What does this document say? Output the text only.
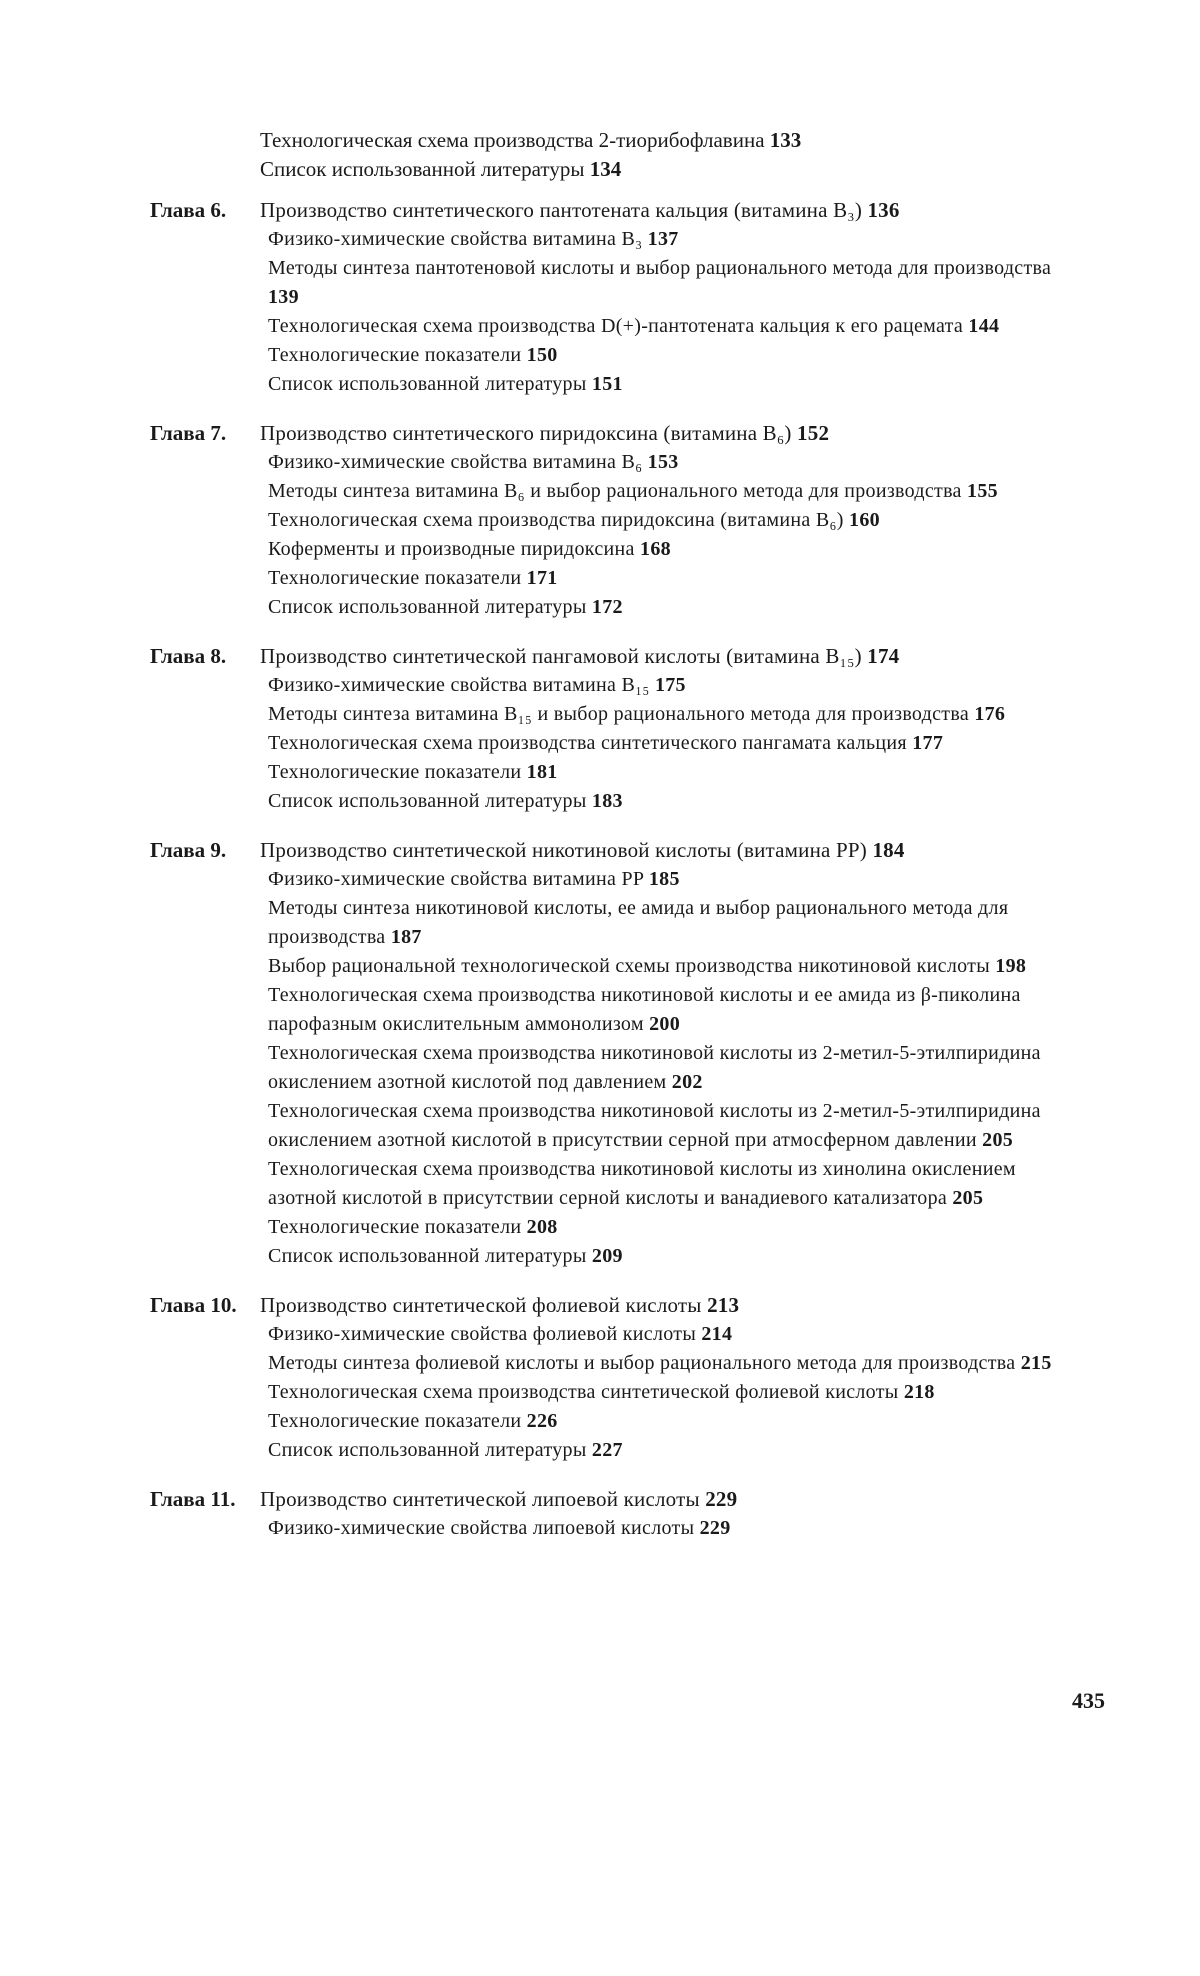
Технологическая схема производства 2-тиорибофлавина 133
Список использованной литературы 134
Глава 6.	Производство синтетического пантотената кальция (витамина B₃) 136
Физико-химические свойства витамина B₃ 137
Методы синтеза пантотеновой кислоты и выбор рационального метода для производства 139
Технологическая схема производства D(+)-пантотената кальция к его рацемата 144
Технологические показатели 150
Список использованной литературы 151
Глава 7.	Производство синтетического пиридоксина (витамина B₆) 152
Физико-химические свойства витамина B₆ 153
Методы синтеза витамина B₆ и выбор рационального метода для производства 155
Технологическая схема производства пиридоксина (витамина B₆) 160
Коферменты и производные пиридоксина 168
Технологические показатели 171
Список использованной литературы 172
Глава 8.	Производство синтетической пангамовой кислоты (витамина B₁₅) 174
Физико-химические свойства витамина B₁₅ 175
Методы синтеза витамина B₁₅ и выбор рационального метода для производства 176
Технологическая схема производства синтетического пангамата кальция 177
Технологические показатели 181
Список использованной литературы 183
Глава 9.	Производство синтетической никотиновой кислоты (витамина PP) 184
Физико-химические свойства витамина PP 185
Методы синтеза никотиновой кислоты, ее амида и выбор рационального метода для производства 187
Выбор рациональной технологической схемы производства никотиновой кислоты 198
Технологическая схема производства никотиновой кислоты и ее амида из β-пиколина парофазным окислительным аммонолизом 200
Технологическая схема производства никотиновой кислоты из 2-метил-5-этилпиридина окислением азотной кислотой под давлением 202
Технологическая схема производства никотиновой кислоты из 2-метил-5-этилпиридина окислением азотной кислотой в присутствии серной при атмосферном давлении 205
Технологическая схема производства никотиновой кислоты из хинолина окислением азотной кислотой в присутствии серной кислоты и ванадиевого катализатора 205
Технологические показатели 208
Список использованной литературы 209
Глава 10.	Производство синтетической фолиевой кислоты 213
Физико-химические свойства фолиевой кислоты 214
Методы синтеза фолиевой кислоты и выбор рационального метода для производства 215
Технологическая схема производства синтетической фолиевой кислоты 218
Технологические показатели 226
Список использованной литературы 227
Глава 11.	Производство синтетической липоевой кислоты 229
Физико-химические свойства липоевой кислоты 229
435
